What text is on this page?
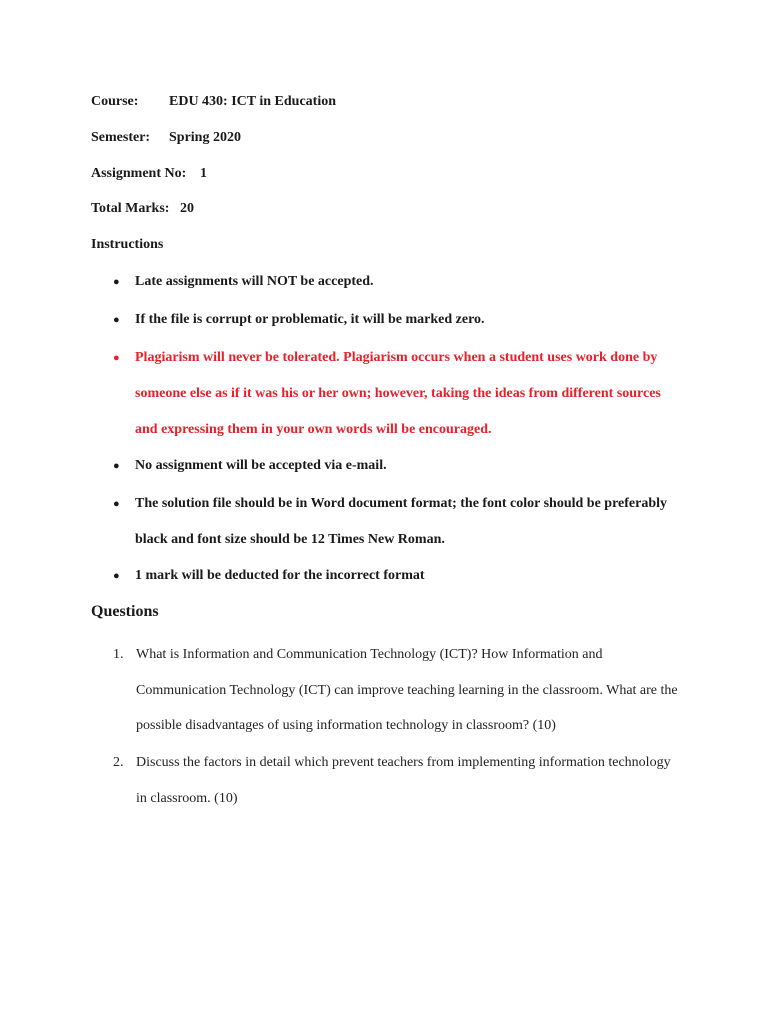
Course: EDU 430: ICT in Education
Semester: Spring 2020
Assignment No: 1
Total Marks: 20
Instructions
●	Late assignments will NOT be accepted.
●	If the file is corrupt or problematic, it will be marked zero.
●	Plagiarism will never be tolerated. Plagiarism occurs when a student uses work done by someone else as if it was his or her own; however, taking the ideas from different sources and expressing them in your own words will be encouraged.
●	No assignment will be accepted via e-mail.
●	The solution file should be in Word document format; the font color should be preferably black and font size should be 12 Times New Roman.
●	1 mark will be deducted for the incorrect format
Questions
1. What is Information and Communication Technology (ICT)? How Information and Communication Technology (ICT) can improve teaching learning in the classroom. What are the possible disadvantages of using information technology in classroom? (10)
2. Discuss the factors in detail which prevent teachers from implementing information technology in classroom. (10)
